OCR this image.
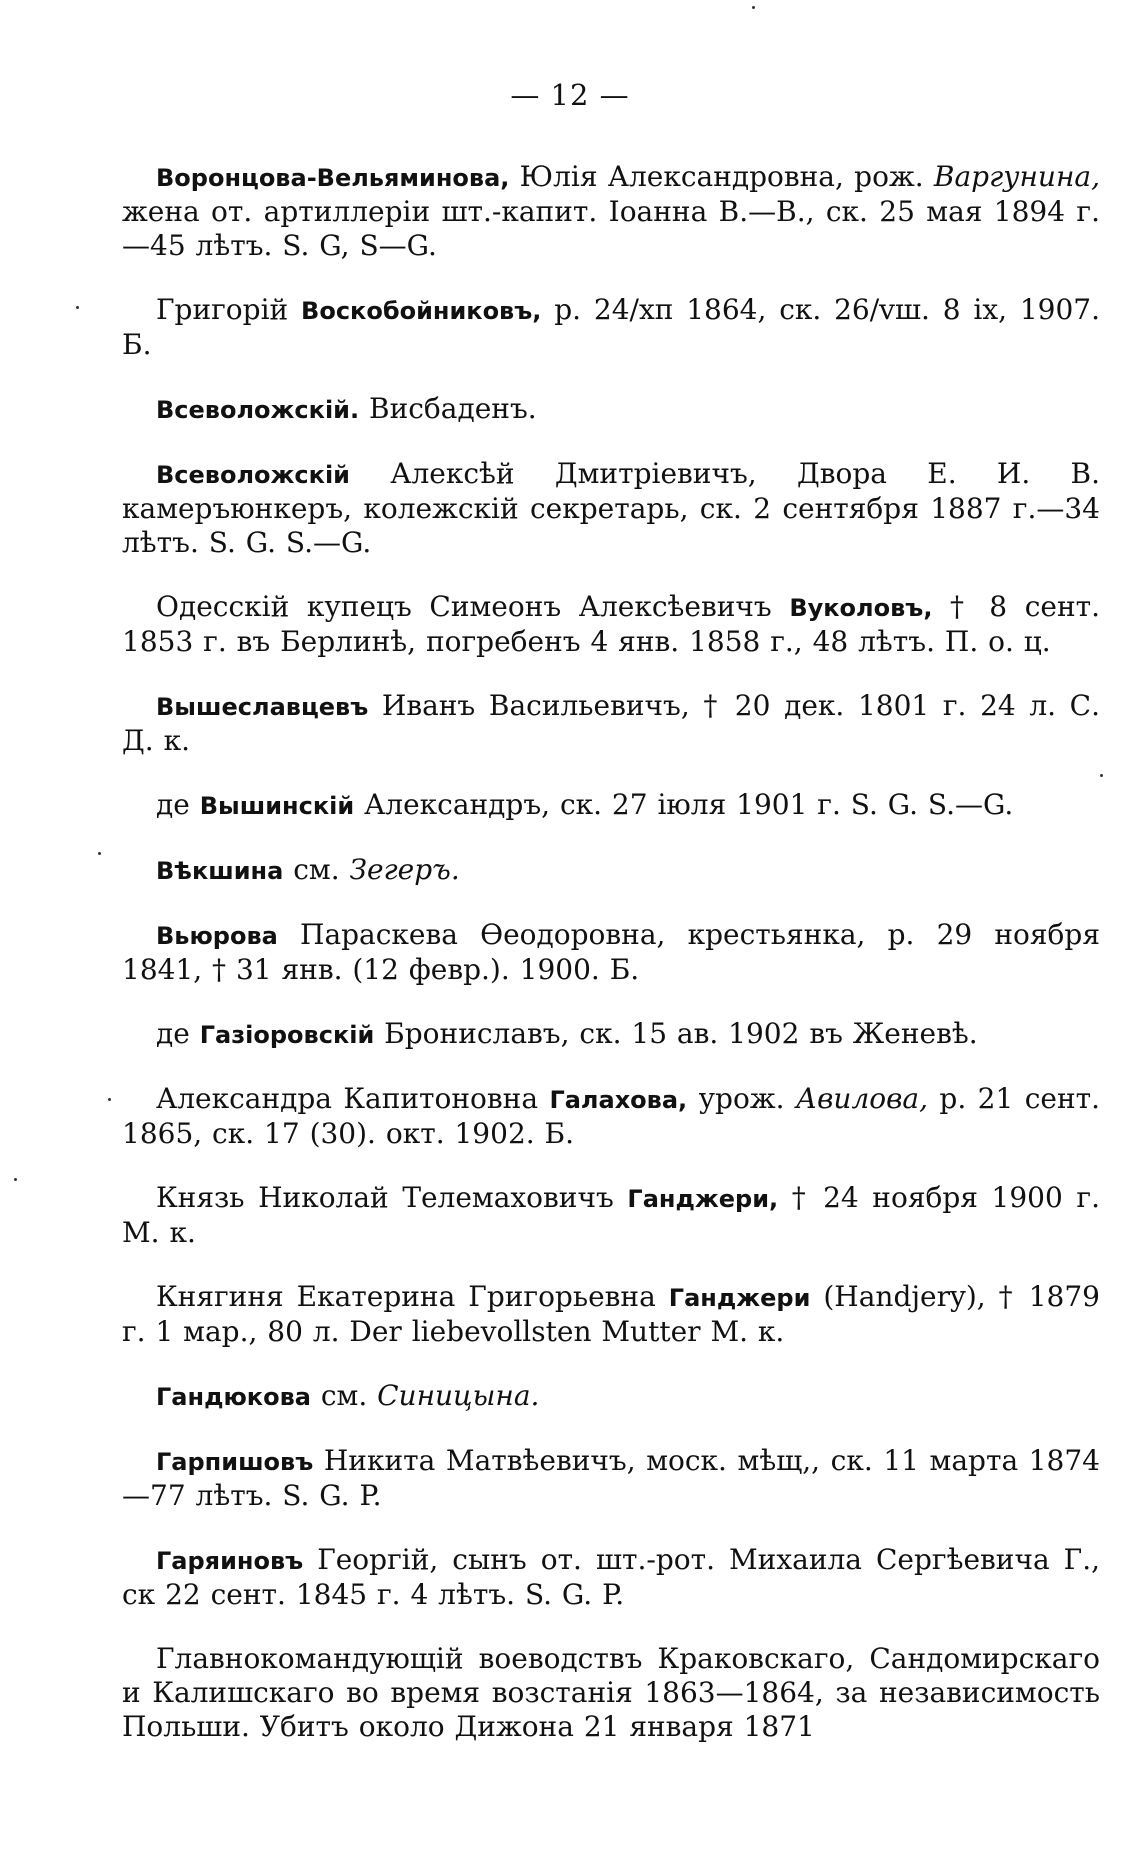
— 12 —

Воронцова-Вельяминова, Юлія Александровна, рож. Варгунина, жена от. артиллеріи шт.-капит. Іоанна В.—В., ск. 25 мая 1894 г.—45 лѣтъ. S. G, S—G.

Григорій Воскобойниковъ, р. 24/хп 1864, ск. 26/vш. 8 ix, 1907. Б.

Всеволожскій. Висбаденъ.

Всеволожскій Алексѣй Дмитріевичъ, Двора Е. И. В. камеръюнкеръ, колежскій секретарь, ск. 2 сентября 1887 г.—34 лѣтъ. S. G. S.—G.

Одесскій купецъ Симеонъ Алексѣевичъ Вуколовъ, † 8 сент. 1853 г. въ Берлинѣ, погребенъ 4 янв. 1858 г., 48 лѣтъ. П. о. ц.

Вышеславцевъ Иванъ Васильевичъ, † 20 дек. 1801 г. 24 л. С. Д. к.

де Вышинскій Александръ, ск. 27 іюля 1901 г. S. G. S.—G.

Вѣкшина см. Зегеръ.

Вьюрова Параскева Ѳеодоровна, крестьянка, р. 29 ноября 1841, † 31 янв. (12 февр.). 1900. Б.

де Газіоровскій Брониславъ, ск. 15 ав. 1902 въ Женевѣ.

Александра Капитоновна Галахова, урож. Авилова, р. 21 сент. 1865, ск. 17 (30). окт. 1902. Б.

Князь Николай Телемаховичъ Ганджери, † 24 ноября 1900 г. М. к.

Княгиня Екатерина Григорьевна Ганджери (Handjery), † 1879 г. 1 мар., 80 л. Der liebevollsten Mutter M. к.

Гандюкова см. Синицына.

Гарпишовъ Никита Матвѣевичъ, моск. мѣщ,, ск. 11 марта 1874—77 лѣтъ. S. G. P.

Гаряиновъ Георгій, сынъ от. шт.-рот. Михаила Сергѣевича Г., ск 22 сент. 1845 г. 4 лѣтъ. S. G. P.

Главнокомандующій воеводствъ Краковскаго, Сандомирскаго и Калишскаго во время возстанія 1863—1864, за независимость Польши. Убитъ около Дижона 21 января 1871
